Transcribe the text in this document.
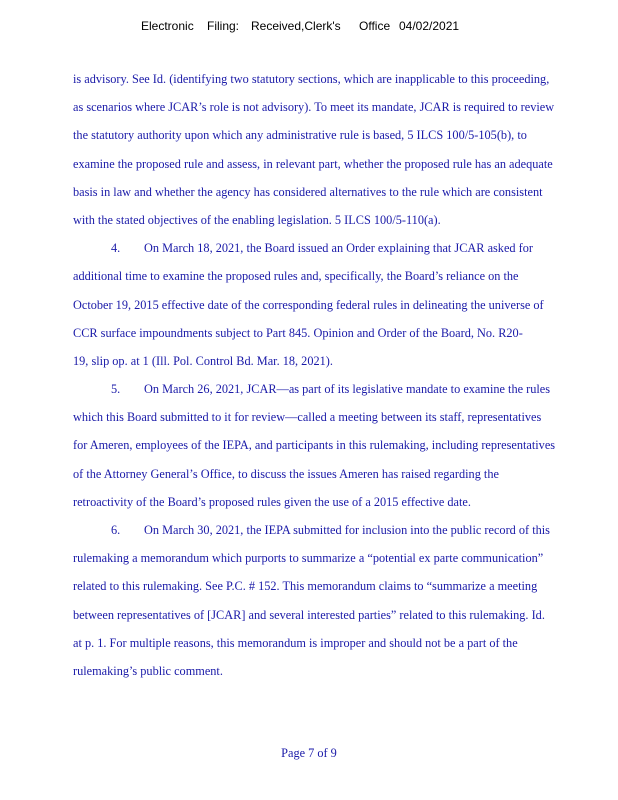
Electronic Filing: Received,Clerk's Office 04/02/2021
is advisory. See Id. (identifying two statutory sections, which are inapplicable to this proceeding,
as scenarios where JCAR’s role is not advisory). To meet its mandate, JCAR is required to review
the statutory authority upon which any administrative rule is based, 5 ILCS 100/5-105(b), to
examine the proposed rule and assess, in relevant part, whether the proposed rule has an adequate
basis in law and whether the agency has considered alternatives to the rule which are consistent
with the stated objectives of the enabling legislation. 5 ILCS 100/5-110(a).
4. On March 18, 2021, the Board issued an Order explaining that JCAR asked for
additional time to examine the proposed rules and, specifically, the Board’s reliance on the
October 19, 2015 effective date of the corresponding federal rules in delineating the universe of
CCR surface impoundments subject to Part 845. Opinion and Order of the Board, No. R20-
19, slip op. at 1 (Ill. Pol. Control Bd. Mar. 18, 2021).
5. On March 26, 2021, JCAR—as part of its legislative mandate to examine the rules
which this Board submitted to it for review—called a meeting between its staff, representatives
for Ameren, employees of the IEPA, and participants in this rulemaking, including representatives
of the Attorney General’s Office, to discuss the issues Ameren has raised regarding the
retroactivity of the Board’s proposed rules given the use of a 2015 effective date.
6. On March 30, 2021, the IEPA submitted for inclusion into the public record of this
rulemaking a memorandum which purports to summarize a “potential ex parte communication”
related to this rulemaking. See P.C. # 152. This memorandum claims to “summarize a meeting
between representatives of [JCAR] and several interested parties” related to this rulemaking. Id.
at p. 1. For multiple reasons, this memorandum is improper and should not be a part of the
rulemaking’s public comment.
Page 7 of 9
